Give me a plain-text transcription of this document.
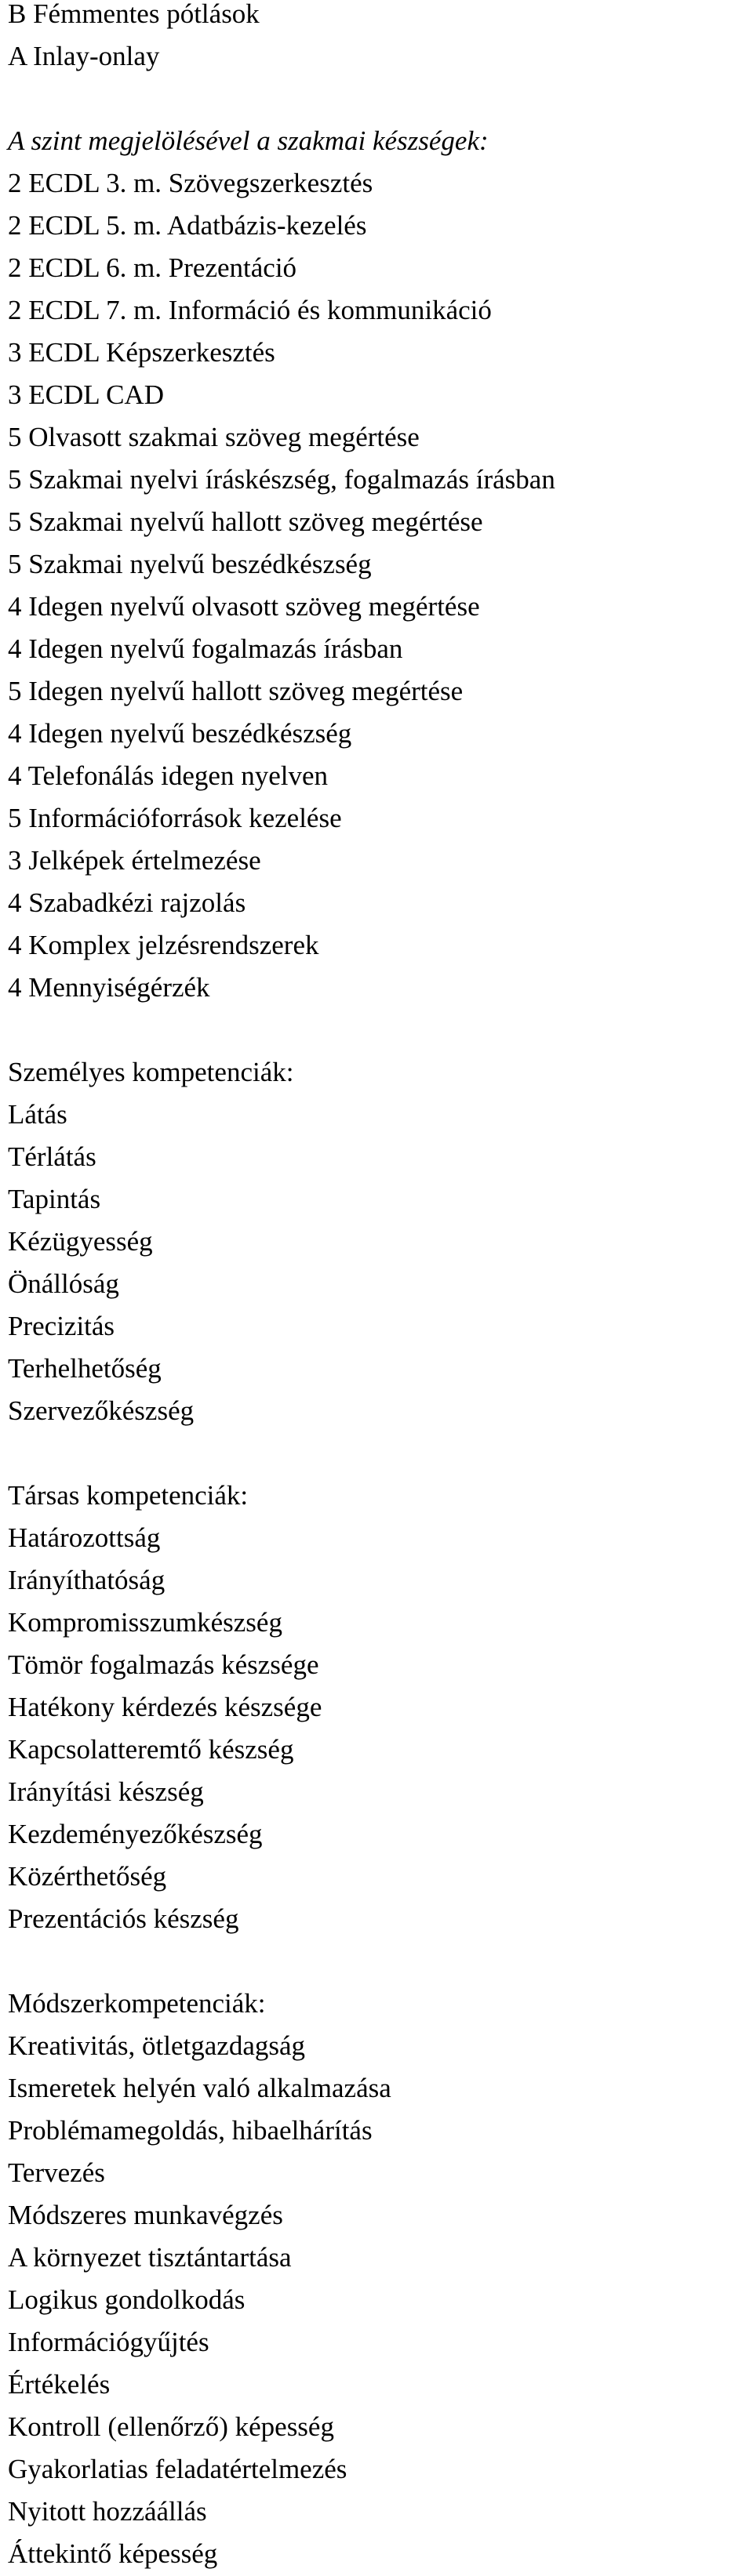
B Fémmentes pótlások
A Inlay-onlay
A szint megjelölésével a szakmai készségek:
2 ECDL 3. m. Szövegszerkesztés
2 ECDL 5. m. Adatbázis-kezelés
2 ECDL 6. m. Prezentáció
2 ECDL 7. m. Információ és kommunikáció
3 ECDL Képszerkesztés
3 ECDL CAD
5 Olvasott szakmai szöveg megértése
5 Szakmai nyelvi íráskészség, fogalmazás írásban
5 Szakmai nyelvű hallott szöveg megértése
5 Szakmai nyelvű beszédkészség
4 Idegen nyelvű olvasott szöveg megértése
4 Idegen nyelvű fogalmazás írásban
5 Idegen nyelvű hallott szöveg megértése
4 Idegen nyelvű beszédkészség
4 Telefonálás idegen nyelven
5 Információforrások kezelése
3 Jelképek értelmezése
4 Szabadkézi rajzolás
4 Komplex jelzésrendszerek
4 Mennyiségérzék
Személyes kompetenciák:
Látás
Térlátás
Tapintás
Kézügyesség
Önállóság
Precizitás
Terhelhetőség
Szervezőkészség
Társas kompetenciák:
Határozottság
Irányíthatóság
Kompromisszumkészség
Tömör fogalmazás készsége
Hatékony kérdezés készsége
Kapcsolatteremtő készség
Irányítási készség
Kezdeményezőkészség
Közérthetőség
Prezentációs készség
Módszerkompetenciák:
Kreativitás, ötletgazdagság
Ismeretek helyén való alkalmazása
Problémamegoldás, hibaelhárítás
Tervezés
Módszeres munkavégzés
A környezet tisztántartása
Logikus gondolkodás
Információgyűjtés
Értékelés
Kontroll (ellenőrző) képesség
Gyakorlatias feladatértelmezés
Nyitott hozzáállás
Áttekintő képesség
